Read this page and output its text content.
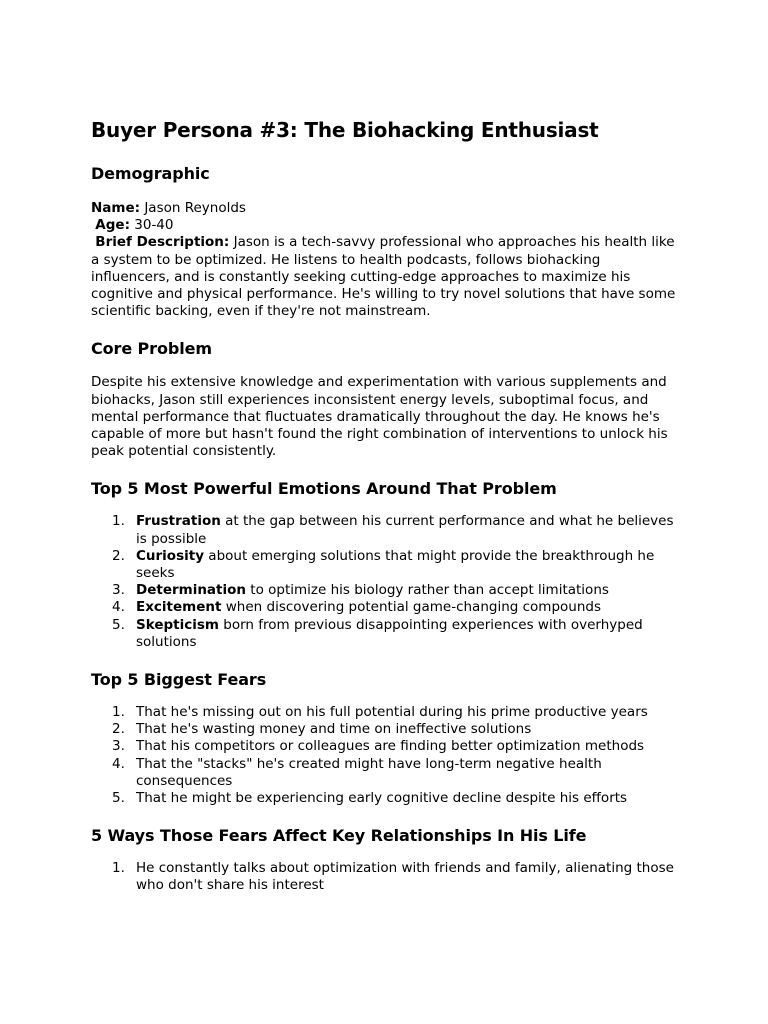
Buyer Persona #3: The Biohacking Enthusiast
Demographic

Name: Jason Reynolds

Age: 30-40

Brief Description: Jason is a tech-savvy professional who approaches his health like a system to be optimized. He listens to health podcasts, follows biohacking influencers, and is constantly seeking cutting-edge approaches to maximize his cognitive and physical performance. He's willing to try novel solutions that have some scientific backing, even if they're not mainstream.

Core Problem

Despite his extensive knowledge and experimentation with various supplements and biohacks, Jason still experiences inconsistent energy levels, suboptimal focus, and mental performance that fluctuates dramatically throughout the day. He knows he's capable of more but hasn't found the right combination of interventions to unlock his peak potential consistently.

Top 5 Most Powerful Emotions Around That Problem
1. Frustration at the gap between his current performance and what he believes is possible
2. Curiosity about emerging solutions that might provide the breakthrough he seeks
3. Determination to optimize his biology rather than accept limitations
4. Excitement when discovering potential game-changing compounds
5. Skepticism born from previous disappointing experiences with overhyped solutions
Top 5 Biggest Fears
1. That he's missing out on his full potential during his prime productive years
2. That he's wasting money and time on ineffective solutions
3. That his competitors or colleagues are finding better optimization methods
4. That the "stacks" he's created might have long-term negative health consequences
5. That he might be experiencing early cognitive decline despite his efforts
5 Ways Those Fears Affect Key Relationships In His Life
1. He constantly talks about optimization with friends and family, alienating those who don't share his interest
